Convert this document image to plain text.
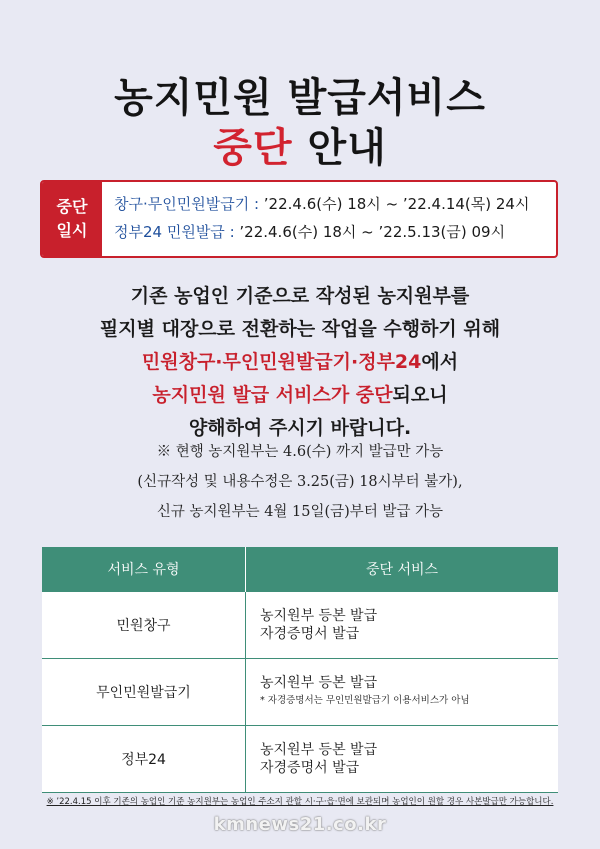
농지민원 발급서비스
중단 안내
중단
일시
창구·무인민원발급기 : ’22.4.6(수) 18시 ~ ’22.4.14(목) 24시
정부24 민원발급 : ’22.4.6(수) 18시 ~ ’22.5.13(금) 09시
기존 농업인 기준으로 작성된 농지원부를
필지별 대장으로 전환하는 작업을 수행하기 위해
민원창구·무인민원발급기·정부24에서
농지민원 발급 서비스가 중단되오니
양해하여 주시기 바랍니다.
※ 현행 농지원부는 4.6(수) 까지 발급만 가능
(신규작성 및 내용수정은 3.25(금) 18시부터 불가),
신규 농지원부는 4월 15일(금)부터 발급 가능
서비스 유형	중단 서비스
민원창구	농지원부 등본 발급
자경증명서 발급

무인민원발급기	농지원부 등본 발급
* 자경증명서는 무인민원발급기 이용서비스가 아님

정부24	농지원부 등본 발급
자경증명서 발급
※ ’22.4.15 이후 기존의 농업인 기준 농지원부는 농업인 주소지 관할 시·구·읍·면에 보관되며 농업인이 원할 경우 사본발급만 가능합니다.
kmnews21.co.kr
